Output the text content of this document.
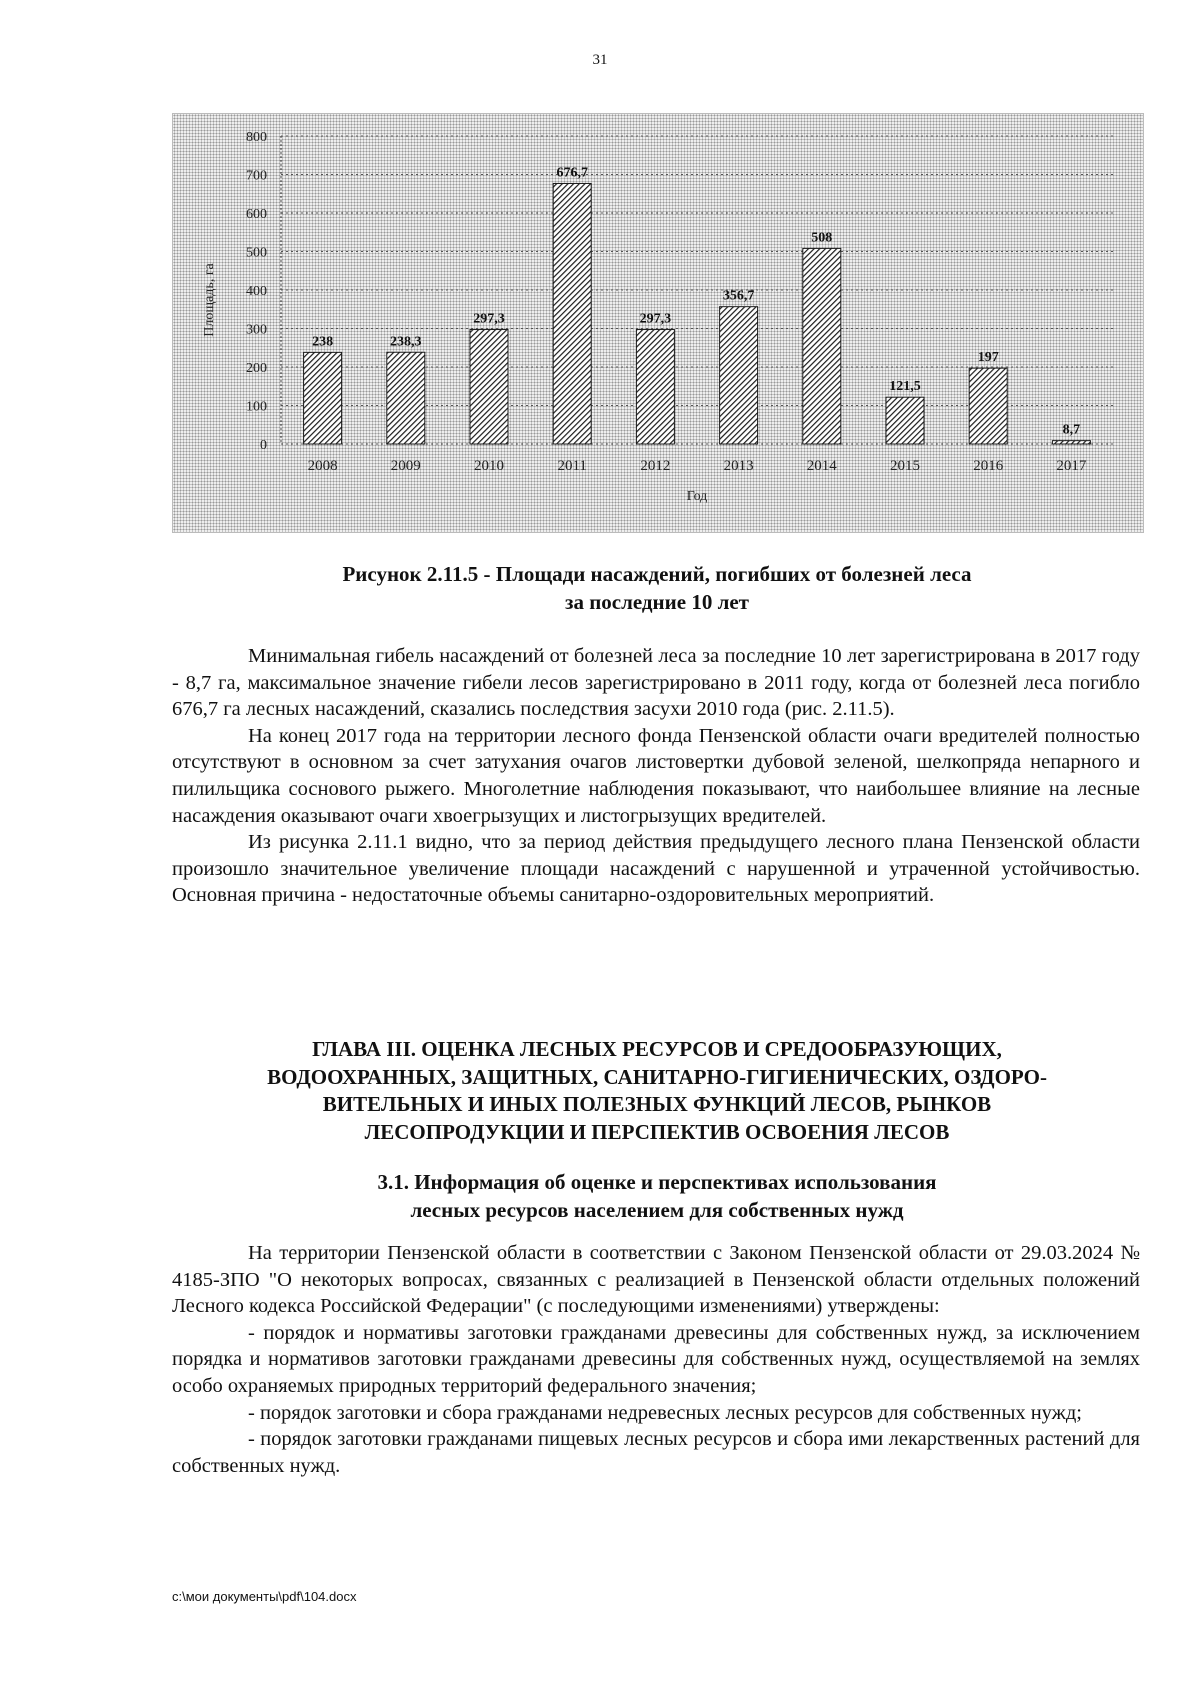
31
0
100
200
300
400
500
600
700
800
238
2008
238,3
2009
297,3
2010
676,7
2011
297,3
2012
356,7
2013
508
2014
121,5
2015
197
2016
8,7
2017
Год
Площадь, га
Рисунок 2.11.5 - Площади насаждений, погибших от болезней леса
за последние 10 лет

Минимальная гибель насаждений от болезней леса за последние 10 лет зарегистрирована в 2017 году - 8,7 га, максимальное значение гибели лесов зарегистрировано в 2011 году, когда от болезней леса погибло 676,7 га лесных насаждений, сказались последствия засухи 2010 года (рис. 2.11.5).

На конец 2017 года на территории лесного фонда Пензенской области очаги вредителей полностью отсутствуют в основном за счет затухания очагов листовертки дубовой зеленой, шелкопряда непарного и пилильщика соснового рыжего. Многолетние наблюдения показывают, что наибольшее влияние на лесные насаждения оказывают очаги хвоегрызущих и листогрызущих вредителей.

Из рисунка 2.11.1 видно, что за период действия предыдущего лесного плана Пензенской области произошло значительное увеличение площади насаждений с нарушенной и утраченной устойчивостью. Основная причина - недостаточные объемы санитарно-оздоровительных мероприятий.

ГЛАВА III. ОЦЕНКА ЛЕСНЫХ РЕСУРСОВ И СРЕДООБРАЗУЮЩИХ,
ВОДООХРАННЫХ, ЗАЩИТНЫХ, САНИТАРНО-ГИГИЕНИЧЕСКИХ, ОЗДОРО-
ВИТЕЛЬНЫХ И ИНЫХ ПОЛЕЗНЫХ ФУНКЦИЙ ЛЕСОВ, РЫНКОВ
ЛЕСОПРОДУКЦИИ И ПЕРСПЕКТИВ ОСВОЕНИЯ ЛЕСОВ
3.1. Информация об оценке и перспективах использования
лесных ресурсов населением для собственных нужд

На территории Пензенской области в соответствии с Законом Пензенской области от 29.03.2024 № 4185-ЗПО "О некоторых вопросах, связанных с реализацией в Пензенской области отдельных положений Лесного кодекса Российской Федерации" (с последующими изменениями) утверждены:

- порядок и нормативы заготовки гражданами древесины для собственных нужд, за исключением порядка и нормативов заготовки гражданами древесины для собственных нужд, осуществляемой на землях особо охраняемых природных территорий федерального значения;

- порядок заготовки и сбора гражданами недревесных лесных ресурсов для собственных нужд;

- порядок заготовки гражданами пищевых лесных ресурсов и сбора ими лекарственных растений для собственных нужд.

c:\мои документы\pdf\104.docx
